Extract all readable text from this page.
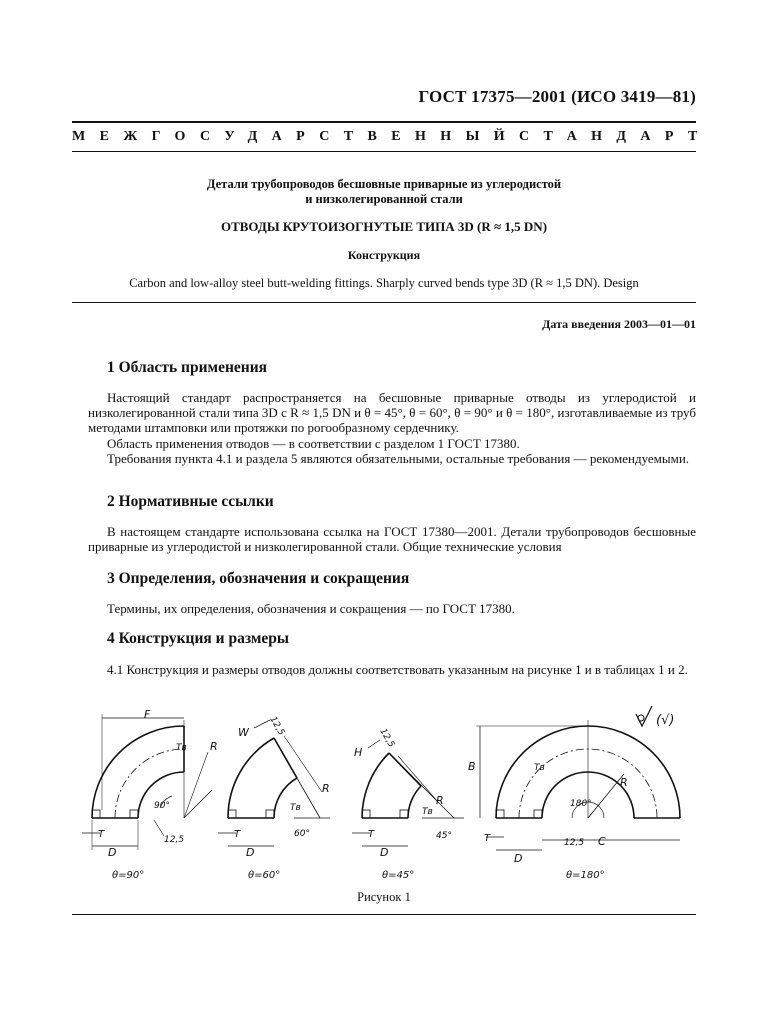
ГОСТ 17375—2001 (ИСО 3419—81)
МЕЖГОСУДАРСТВЕННЫЙ СТАНДАРТ
Детали трубопроводов бесшовные приварные из углеродистой
и низколегированной стали
ОТВОДЫ КРУТОИЗОГНУТЫЕ ТИПА 3D (R ≈ 1,5 DN)
Конструкция
Carbon and low-alloy steel butt-welding fittings. Sharply curved bends type 3D (R ≈ 1,5 DN). Design
Дата введения 2003—01—01
1 Область применения

Настоящий стандарт распространяется на бесшовные приварные отводы из углеродистой и низколегированной стали типа 3D с R ≈ 1,5 DN и θ = 45°, θ = 60°, θ = 90° и θ = 180°, изготавливаемые из труб методами штамповки или протяжки по рогообразному сердечнику.

Область применения отводов — в соответствии с разделом 1 ГОСТ 17380.

Требования пункта 4.1 и раздела 5 являются обязательными, остальные требования — рекомендуемыми.

2 Нормативные ссылки

В настоящем стандарте использована ссылка на ГОСТ 17380—2001. Детали трубопроводов бесшовные приварные из углеродистой и низколегированной стали. Общие технические условия

3 Определения, обозначения и сокращения

Термины, их определения, обозначения и сокращения — по ГОСТ 17380.

4 Конструкция и размеры

4.1 Конструкция и размеры отводов должны соответствовать указанным на рисунке 1 и в таблицах 1 и 2.

F
R
Tв
90°
12,5
T
D
θ=90°
W 12,5
R
Tв
60°
T
D
θ=60°
H
12,5
R
Tв
45°
T
D
θ=45°
B	Tв
R
180°
12,5 C
T
D
θ=180°
(√)
Рисунок 1
